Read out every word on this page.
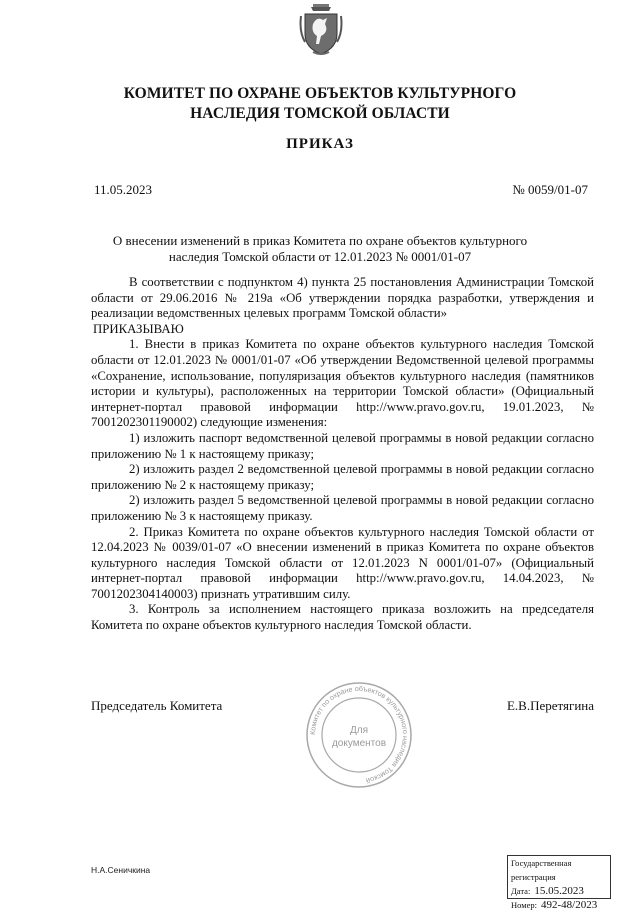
КОМИТЕТ ПО ОХРАНЕ ОБЪЕКТОВ КУЛЬТУРНОГО
НАСЛЕДИЯ ТОМСКОЙ ОБЛАСТИ
ПРИКАЗ
11.05.2023	№ 0059/01-07
О внесении изменений в приказ Комитета по охране объектов культурного наследия Томской области от 12.01.2023 № 0001/01-07

В соответствии с подпунктом 4) пункта 25 постановления Администрации Томской области от 29.06.2016 № 219а «Об утверждении порядка разработки, утверждения и реализации ведомственных целевых программ Томской области»

ПРИКАЗЫВАЮ

1. Внести в приказ Комитета по охране объектов культурного наследия Томской области от 12.01.2023 № 0001/01-07 «Об утверждении Ведомственной целевой программы «Сохранение, использование, популяризация объектов культурного наследия (памятников истории и культуры), расположенных на территории Томской области» (Официальный интернет-портал правовой информации http://www.pravo.gov.ru, 19.01.2023, № 7001202301190002) следующие изменения:

1) изложить паспорт ведомственной целевой программы в новой редакции согласно приложению № 1 к настоящему приказу;

2) изложить раздел 2 ведомственной целевой программы в новой редакции согласно приложению № 2 к настоящему приказу;

2) изложить раздел 5 ведомственной целевой программы в новой редакции согласно приложению № 3 к настоящему приказу.

2. Приказ Комитета по охране объектов культурного наследия Томской области от 12.04.2023 № 0039/01-07 «О внесении изменений в приказ Комитета по охране объектов культурного наследия Томской области от 12.01.2023 N 0001/01-07» (Официальный интернет-портал правовой информации http://www.pravo.gov.ru, 14.04.2023, № 7001202304140003) признать утратившим силу.

3. Контроль за исполнением настоящего приказа возложить на председателя Комитета по охране объектов культурного наследия Томской области.

Председатель Комитета	Е.В.Перетягина
Комитет по охране объектов культурного наследия Томской
Для
документов
Н.А.Сеничкина
Государственная регистрация
Дата: 15.05.2023
Номер: 492-48/2023
